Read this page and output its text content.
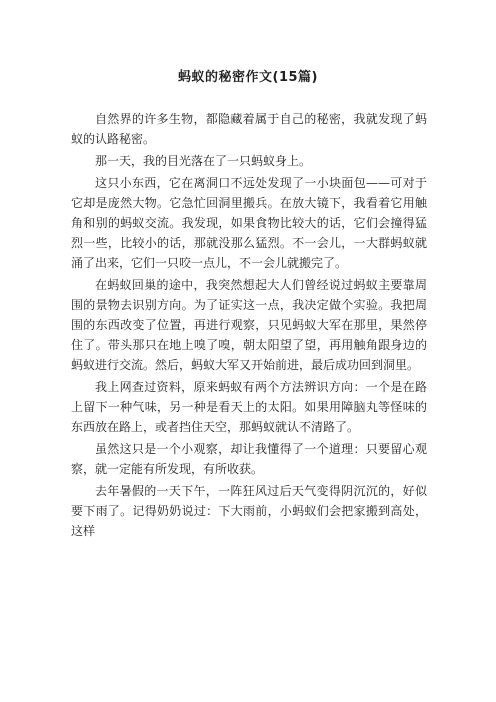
蚂蚁的秘密作文(15篇)

自然界的许多生物，都隐藏着属于自己的秘密，我就发现了蚂蚁的认路秘密。

那一天，我的目光落在了一只蚂蚁身上。

这只小东西，它在离洞口不远处发现了一小块面包——可对于它却是庞然大物。它急忙回洞里搬兵。在放大镜下，我看着它用触角和别的蚂蚁交流。我发现，如果食物比较大的话，它们会撞得猛烈一些，比较小的话，那就没那么猛烈。不一会儿，一大群蚂蚁就涌了出来，它们一只咬一点儿，不一会儿就搬完了。

在蚂蚁回巢的途中，我突然想起大人们曾经说过蚂蚁主要靠周围的景物去识别方向。为了证实这一点，我决定做个实验。我把周围的东西改变了位置，再进行观察，只见蚂蚁大军在那里，果然停住了。带头那只在地上嗅了嗅，朝太阳望了望，再用触角跟身边的蚂蚁进行交流。然后，蚂蚁大军又开始前进，最后成功回到洞里。

我上网查过资料，原来蚂蚁有两个方法辨识方向：一个是在路上留下一种气味，另一种是看天上的太阳。如果用障脑丸等怪味的东西放在路上，或者挡住天空，那蚂蚁就认不清路了。

虽然这只是一个小观察，却让我懂得了一个道理：只要留心观察，就一定能有所发现，有所收获。

去年暑假的一天下午，一阵狂风过后天气变得阴沉沉的，好似要下雨了。记得奶奶说过：下大雨前，小蚂蚁们会把家搬到高处，这样
